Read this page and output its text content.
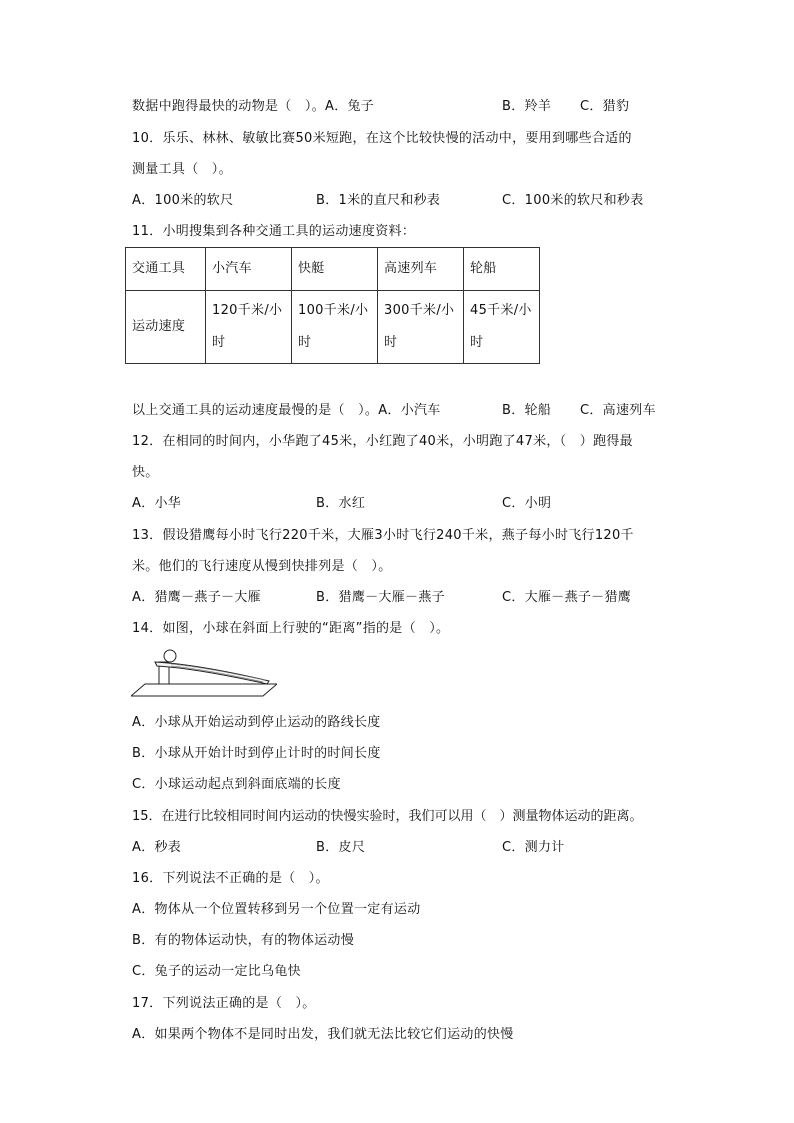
数据中跑得最快的动物是（　）。A．兔子	B．羚羊 C．猎豹
10．乐乐、林林、敏敏比赛50米短跑，在这个比较快慢的活动中，要用到哪些合适的
测量工具（　）。
A．100米的软尺	B．1米的直尺和秒表	C．100米的软尺和秒表
11．小明搜集到各种交通工具的运动速度资料：
交通工具	小汽车	快艇	高速列车	轮船
运动速度	120千米/小时	100千米/小时	300千米/小时	45千米/小时
以上交通工具的运动速度最慢的是（　）。A．小汽车	B．轮船 C．高速列车
12．在相同的时间内，小华跑了45米，小红跑了40米，小明跑了47米，（　）跑得最
快。
A．小华	B．水红	C．小明
13．假设猎鹰每小时飞行220千米，大雁3小时飞行240千米，燕子每小时飞行120千
米。他们的飞行速度从慢到快排列是（　）。
A．猎鹰－燕子－大雁	B．猎鹰－大雁－燕子	C．大雁－燕子－猎鹰
14．如图，小球在斜面上行驶的“距离”指的是（　）。
A．小球从开始运动到停止运动的路线长度
B．小球从开始计时到停止计时的时间长度
C．小球运动起点到斜面底端的长度
15．在进行比较相同时间内运动的快慢实验时，我们可以用（　）测量物体运动的距离。
A．秒表	B．皮尺	C．测力计
16．下列说法不正确的是（　）。
A．物体从一个位置转移到另一个位置一定有运动
B．有的物体运动快，有的物体运动慢
C．兔子的运动一定比乌龟快
17．下列说法正确的是（　）。
A．如果两个物体不是同时出发，我们就无法比较它们运动的快慢
